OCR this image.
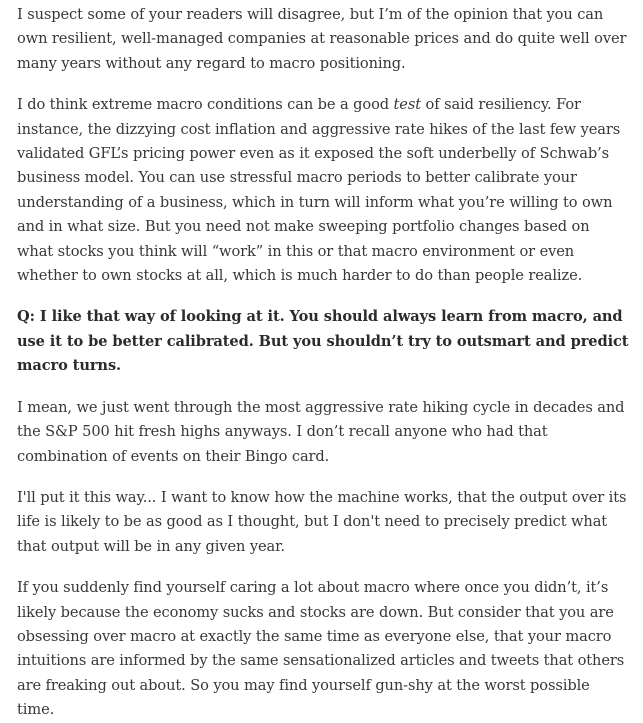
I suspect some of your readers will disagree, but I’m of the opinion that you can own resilient, well-managed companies at reasonable prices and do quite well over many years without any regard to macro positioning.

I do think extreme macro conditions can be a good test of said resiliency. For instance, the dizzying cost inflation and aggressive rate hikes of the last few years validated GFL’s pricing power even as it exposed the soft underbelly of Schwab’s business model. You can use stressful macro periods to better calibrate your understanding of a business, which in turn will inform what you’re willing to own and in what size. But you need not make sweeping portfolio changes based on what stocks you think will “work” in this or that macro environment or even whether to own stocks at all, which is much harder to do than people realize.

Q: I like that way of looking at it. You should always learn from macro, and use it to be better calibrated. But you shouldn’t try to outsmart and predict macro turns.

I mean, we just went through the most aggressive rate hiking cycle in decades and the S&P 500 hit fresh highs anyways. I don’t recall anyone who had that combination of events on their Bingo card.

I'll put it this way... I want to know how the machine works, that the output over its life is likely to be as good as I thought, but I don't need to precisely predict what that output will be in any given year.

If you suddenly find yourself caring a lot about macro where once you didn’t, it’s likely because the economy sucks and stocks are down. But consider that you are obsessing over macro at exactly the same time as everyone else, that your macro intuitions are informed by the same sensationalized articles and tweets that others are freaking out about. So you may find yourself gun-shy at the worst possible time.
